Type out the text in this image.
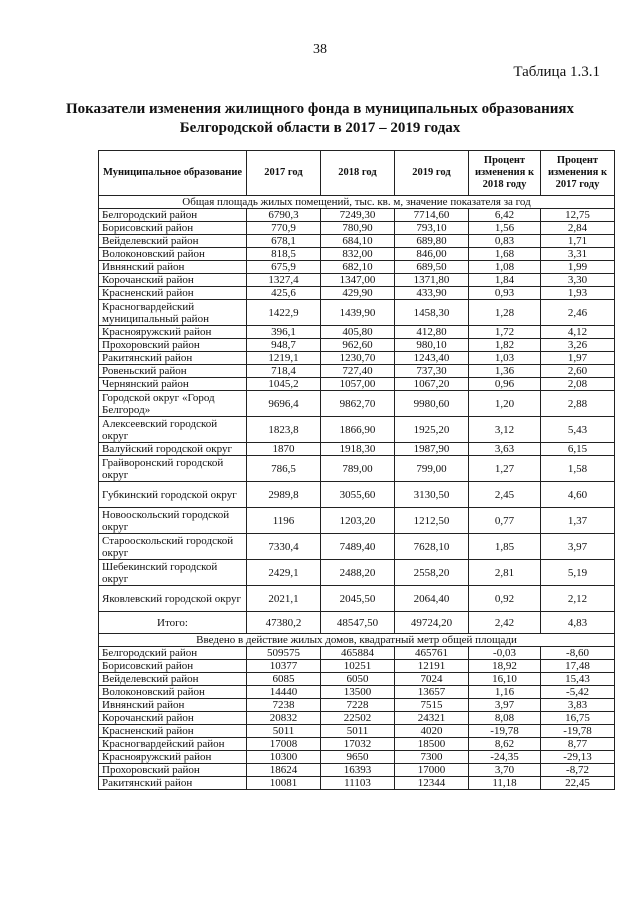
38
Таблица 1.3.1
Показатели изменения жилищного фонда в муниципальных образованиях
Белгородской области в 2017 – 2019 годах
Муниципальное образование	2017 год	2018 год	2019 год	Процент изменения к 2018 году	Процент изменения к 2017 году
Общая площадь жилых помещений, тыс. кв. м, значение показателя за год					
Белгородский район	6790,3	7249,30	7714,60	6,42	12,75
Борисовский район	770,9	780,90	793,10	1,56	2,84
Вейделевский район	678,1	684,10	689,80	0,83	1,71
Волоконовский район	818,5	832,00	846,00	1,68	3,31
Ивнянский район	675,9	682,10	689,50	1,08	1,99
Корочанский район	1327,4	1347,00	1371,80	1,84	3,30
Красненский район	425,6	429,90	433,90	0,93	1,93
Красногвардейский муниципальный район	1422,9	1439,90	1458,30	1,28	2,46
Краснояружский район	396,1	405,80	412,80	1,72	4,12
Прохоровский район	948,7	962,60	980,10	1,82	3,26
Ракитянский район	1219,1	1230,70	1243,40	1,03	1,97
Ровеньский район	718,4	727,40	737,30	1,36	2,60
Чернянский район	1045,2	1057,00	1067,20	0,96	2,08
Городской округ «Город Белгород»	9696,4	9862,70	9980,60	1,20	2,88
Алексеевский городской округ	1823,8	1866,90	1925,20	3,12	5,43
Валуйский городской округ	1870	1918,30	1987,90	3,63	6,15
Грайворонский городской округ	786,5	789,00	799,00	1,27	1,58
Губкинский городской округ	2989,8	3055,60	3130,50	2,45	4,60
Новооскольский городской округ	1196	1203,20	1212,50	0,77	1,37
Старооскольский городской округ	7330,4	7489,40	7628,10	1,85	3,97
Шебекинский городской округ	2429,1	2488,20	2558,20	2,81	5,19
Яковлевский городской округ	2021,1	2045,50	2064,40	0,92	2,12
Итого:	47380,2	48547,50	49724,20	2,42	4,83
Введено в действие жилых домов, квадратный метр общей площади					
Белгородский район	509575	465884	465761	-0,03	-8,60
Борисовский район	10377	10251	12191	18,92	17,48
Вейделевский район	6085	6050	7024	16,10	15,43
Волоконовский район	14440	13500	13657	1,16	-5,42
Ивнянский район	7238	7228	7515	3,97	3,83
Корочанский район	20832	22502	24321	8,08	16,75
Красненский район	5011	5011	4020	-19,78	-19,78
Красногвардейский район	17008	17032	18500	8,62	8,77
Краснояружский район	10300	9650	7300	-24,35	-29,13
Прохоровский район	18624	16393	17000	3,70	-8,72
Ракитянский район	10081	11103	12344	11,18	22,45
